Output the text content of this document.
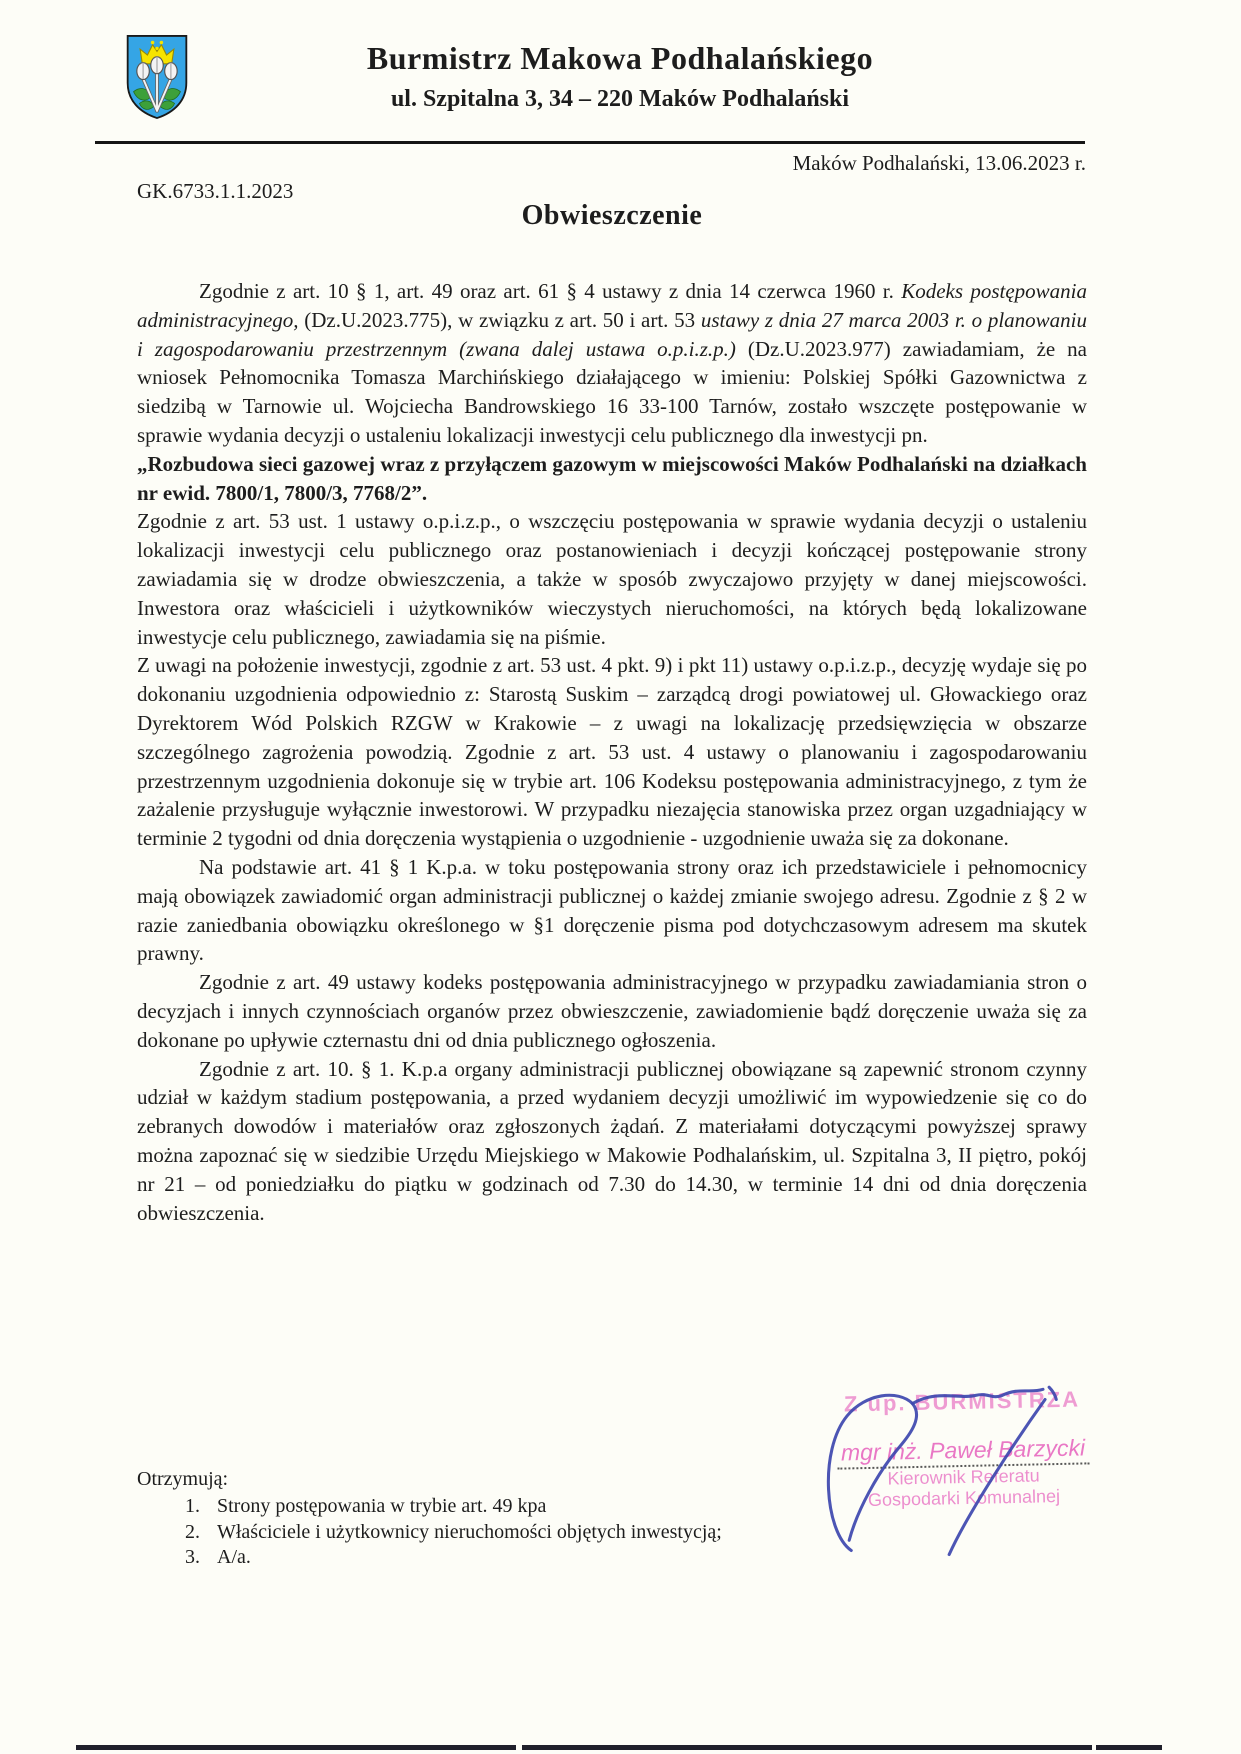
Burmistrz Makowa Podhalańskiego
ul. Szpitalna 3, 34 – 220 Maków Podhalański
Maków Podhalański, 13.06.2023 r.
GK.6733.1.1.2023
Obwieszczenie

Zgodnie z art. 10 § 1, art. 49 oraz art. 61 § 4 ustawy z dnia 14 czerwca 1960 r. Kodeks postępowania administracyjnego, (Dz.U.2023.775), w związku z art. 50 i art. 53 ustawy z dnia 27 marca 2003 r. o planowaniu i zagospodarowaniu przestrzennym (zwana dalej ustawa o.p.i.z.p.) (Dz.U.2023.977) zawiadamiam, że na wniosek Pełnomocnika Tomasza Marchińskiego działającego w imieniu: Polskiej Spółki Gazownictwa z siedzibą w Tarnowie ul. Wojciecha Bandrowskiego 16 33-100 Tarnów, zostało wszczęte postępowanie w sprawie wydania decyzji o ustaleniu lokalizacji inwestycji celu publicznego dla inwestycji pn.

„Rozbudowa sieci gazowej wraz z przyłączem gazowym w miejscowości Maków Podhalański na działkach nr ewid. 7800/1, 7800/3, 7768/2”.

Zgodnie z art. 53 ust. 1 ustawy o.p.i.z.p., o wszczęciu postępowania w sprawie wydania decyzji o ustaleniu lokalizacji inwestycji celu publicznego oraz postanowieniach i decyzji kończącej postępowanie strony zawiadamia się w drodze obwieszczenia, a także w sposób zwyczajowo przyjęty w danej miejscowości. Inwestora oraz właścicieli i użytkowników wieczystych nieruchomości, na których będą lokalizowane inwestycje celu publicznego, zawiadamia się na piśmie.

Z uwagi na położenie inwestycji, zgodnie z art. 53 ust. 4 pkt. 9) i pkt 11) ustawy o.p.i.z.p., decyzję wydaje się po dokonaniu uzgodnienia odpowiednio z: Starostą Suskim – zarządcą drogi powiatowej ul. Głowackiego oraz Dyrektorem Wód Polskich RZGW w Krakowie – z uwagi na lokalizację przedsięwzięcia w obszarze szczególnego zagrożenia powodzią. Zgodnie z art. 53 ust. 4 ustawy o planowaniu i zagospodarowaniu przestrzennym uzgodnienia dokonuje się w trybie art. 106 Kodeksu postępowania administracyjnego, z tym że zażalenie przysługuje wyłącznie inwestorowi. W przypadku niezajęcia stanowiska przez organ uzgadniający w terminie 2 tygodni od dnia doręczenia wystąpienia o uzgodnienie - uzgodnienie uważa się za dokonane.

Na podstawie art. 41 § 1 K.p.a. w toku postępowania strony oraz ich przedstawiciele i pełnomocnicy mają obowiązek zawiadomić organ administracji publicznej o każdej zmianie swojego adresu. Zgodnie z § 2 w razie zaniedbania obowiązku określonego w §1 doręczenie pisma pod dotychczasowym adresem ma skutek prawny.

Zgodnie z art. 49 ustawy kodeks postępowania administracyjnego w przypadku zawiadamiania stron o decyzjach i innych czynnościach organów przez obwieszczenie, zawiadomienie bądź doręczenie uważa się za dokonane po upływie czternastu dni od dnia publicznego ogłoszenia.

Zgodnie z art. 10. § 1. K.p.a organy administracji publicznej obowiązane są zapewnić stronom czynny udział w każdym stadium postępowania, a przed wydaniem decyzji umożliwić im wypowiedzenie się co do zebranych dowodów i materiałów oraz zgłoszonych żądań. Z materiałami dotyczącymi powyższej sprawy można zapoznać się w siedzibie Urzędu Miejskiego w Makowie Podhalańskim, ul. Szpitalna 3, II piętro, pokój nr 21 – od poniedziałku do piątku w godzinach od 7.30 do 14.30, w terminie 14 dni od dnia doręczenia obwieszczenia.

Z up. BURMISTRZA
mgr inż. Paweł Barzycki
Kierownik Referatu
Gospodarki Komunalnej
Otrzymują:
1. Strony postępowania w trybie art. 49 kpa
2. Właściciele i użytkownicy nieruchomości objętych inwestycją;
3. A/a.
